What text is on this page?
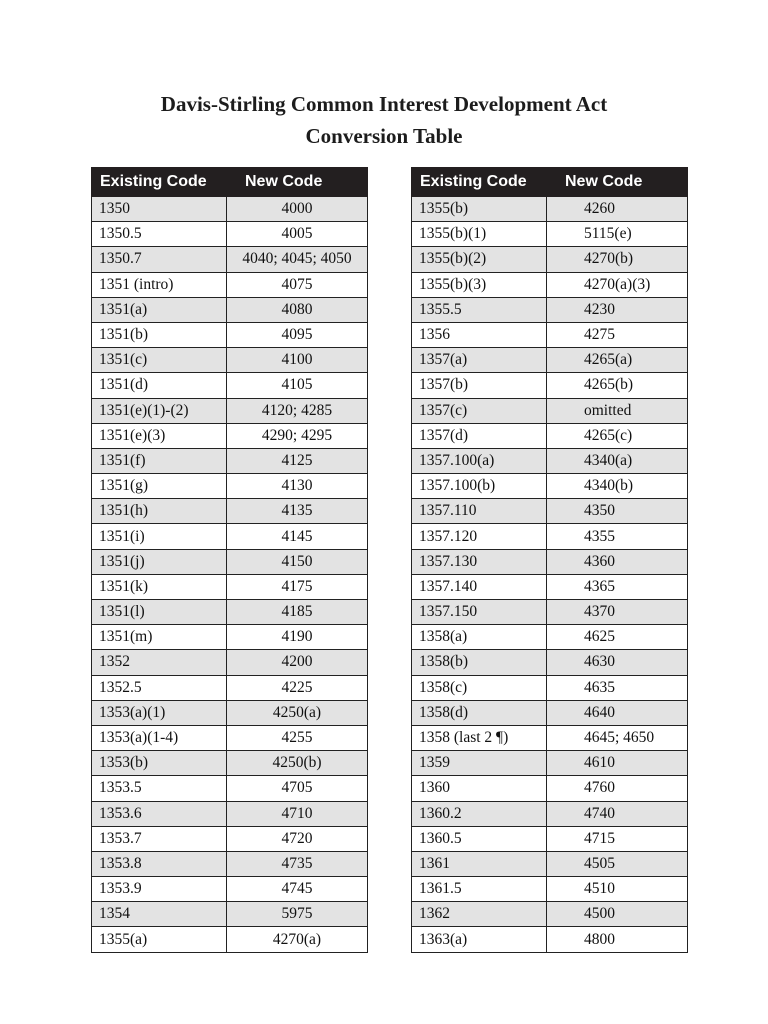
Davis-Stirling Common Interest Development Act
Conversion Table
Existing Code	New Code
1350	4000
1350.5	4005
1350.7	4040; 4045; 4050
1351 (intro)	4075
1351(a)	4080
1351(b)	4095
1351(c)	4100
1351(d)	4105
1351(e)(1)-(2)	4120; 4285
1351(e)(3)	4290; 4295
1351(f)	4125
1351(g)	4130
1351(h)	4135
1351(i)	4145
1351(j)	4150
1351(k)	4175
1351(l)	4185
1351(m)	4190
1352	4200
1352.5	4225
1353(a)(1)	4250(a)
1353(a)(1-4)	4255
1353(b)	4250(b)
1353.5	4705
1353.6	4710
1353.7	4720
1353.8	4735
1353.9	4745
1354	5975
1355(a)	4270(a)
Existing Code	New Code
1355(b)	4260
1355(b)(1)	5115(e)
1355(b)(2)	4270(b)
1355(b)(3)	4270(a)(3)
1355.5	4230
1356	4275
1357(a)	4265(a)
1357(b)	4265(b)
1357(c)	omitted
1357(d)	4265(c)
1357.100(a)	4340(a)
1357.100(b)	4340(b)
1357.110	4350
1357.120	4355
1357.130	4360
1357.140	4365
1357.150	4370
1358(a)	4625
1358(b)	4630
1358(c)	4635
1358(d)	4640
1358 (last 2 ¶)	4645; 4650
1359	4610
1360	4760
1360.2	4740
1360.5	4715
1361	4505
1361.5	4510
1362	4500
1363(a)	4800
